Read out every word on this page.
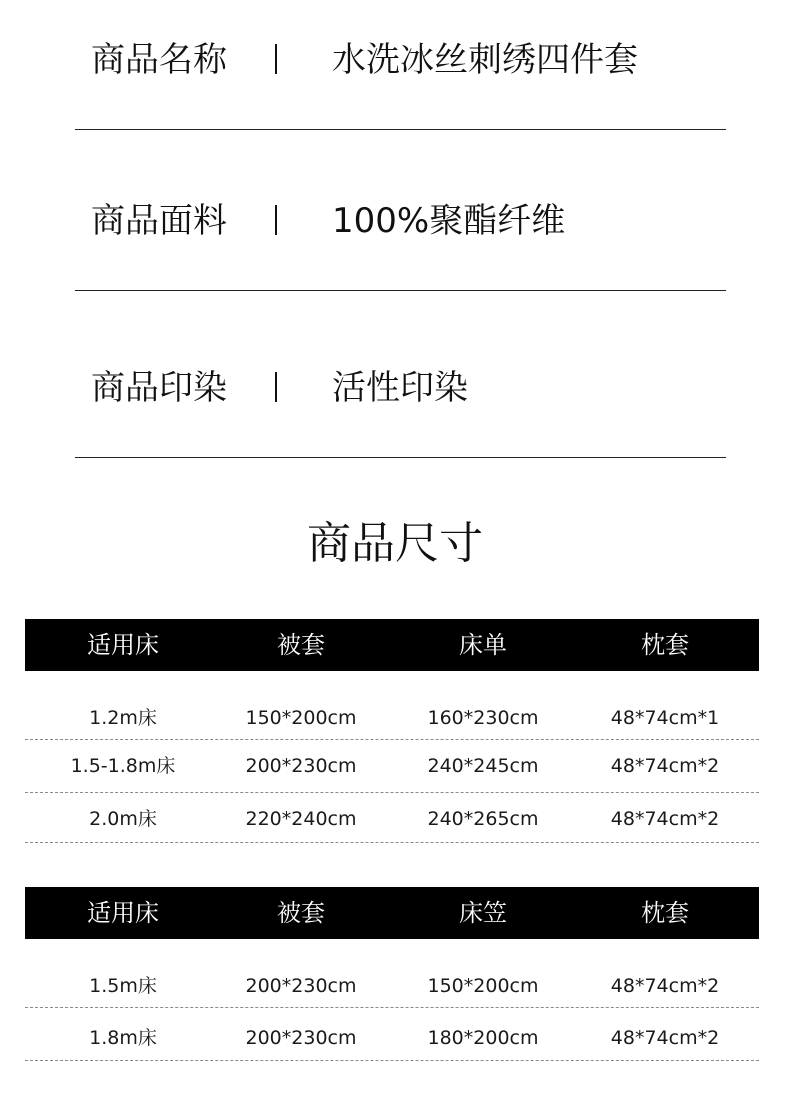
商品名称	水洗冰丝刺绣四件套
商品面料	100%聚酯纤维
商品印染	活性印染
商品尺寸
适用床	被套	床单	枕套
1.2m床	150*200cm	160*230cm	48*74cm*1
1.5-1.8m床	200*230cm	240*245cm	48*74cm*2
2.0m床	220*240cm	240*265cm	48*74cm*2
适用床	被套	床笠	枕套
1.5m床	200*230cm	150*200cm	48*74cm*2
1.8m床	200*230cm	180*200cm	48*74cm*2
